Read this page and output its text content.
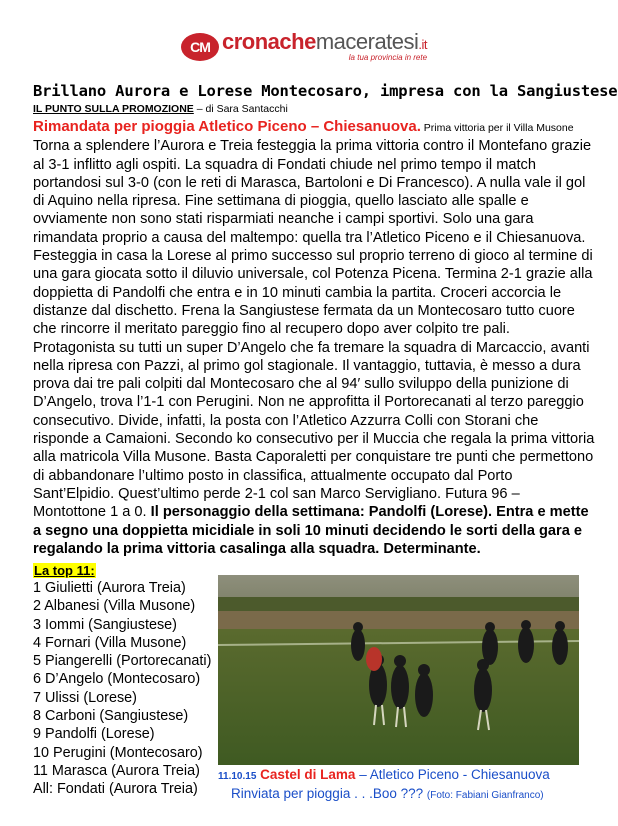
CM cronachemaceratesi.it
la tua provincia in rete
Brillano Aurora e Lorese Montecosaro, impresa con la Sangiustese
IL PUNTO SULLA PROMOZIONE – di Sara Santacchi
Rimandata per pioggia Atletico Piceno – Chiesanuova. Prima vittoria per il Villa Musone
Torna a splendere l’Aurora e Treia festeggia la prima vittoria contro il Montefano grazie
al 3-1 inflitto agli ospiti. La squadra di Fondati chiude nel primo tempo il match
portandosi sul 3-0 (con le reti di Marasca, Bartoloni e Di Francesco). A nulla vale il gol
di Aquino nella ripresa. Fine settimana di pioggia, quello lasciato alle spalle e
ovviamente non sono stati risparmiati neanche i campi sportivi. Solo una gara
rimandata proprio a causa del maltempo: quella tra l’Atletico Piceno e il Chiesanuova.
Festeggia in casa la Lorese al primo successo sul proprio terreno di gioco al termine di
una gara giocata sotto il diluvio universale, col Potenza Picena. Termina 2-1 grazie alla
doppietta di Pandolfi che entra e in 10 minuti cambia la partita. Croceri accorcia le
distanze dal dischetto. Frena la Sangiustese fermata da un Montecosaro tutto cuore
che rincorre il meritato pareggio fino al recupero dopo aver colpito tre pali.
Protagonista su tutti un super D’Angelo che fa tremare la squadra di Marcaccio, avanti
nella ripresa con Pazzi, al primo gol stagionale. Il vantaggio, tuttavia, è messo a dura
prova dai tre pali colpiti dal Montecosaro che al 94′ sullo sviluppo della punizione di
D’Angelo, trova l’1-1 con Perugini. Non ne approfitta il Portorecanati al terzo pareggio
consecutivo. Divide, infatti, la posta con l’Atletico Azzurra Colli con Storani che
risponde a Camaioni. Secondo ko consecutivo per il Muccia che regala la prima vittoria
alla matricola Villa Musone. Basta Caporaletti per conquistare tre punti che permettono
di abbandonare l’ultimo posto in classifica, attualmente occupato dal Porto
Sant’Elpidio. Quest’ultimo perde 2-1 col san Marco Servigliano. Futura 96 –
Montottone 1 a 0. Il personaggio della settimana: Pandolfi (Lorese). Entra e mette
a segno una doppietta micidiale in soli 10 minuti decidendo le sorti della gara e
regalando la prima vittoria casalinga alla squadra. Determinante.
La top 11:
1 Giulietti (Aurora Treia)
2 Albanesi (Villa Musone)
3 Iommi (Sangiustese)
4 Fornari (Villa Musone)
5 Piangerelli (Portorecanati)
6 D’Angelo (Montecosaro)
7 Ulissi (Lorese)
8 Carboni (Sangiustese)
9 Pandolfi (Lorese)
10 Perugini (Montecosaro)
11 Marasca (Aurora Treia)
All: Fondati (Aurora Treia)
11.10.15 Castel di Lama – Atletico Piceno - Chiesanuova
Rinviata per pioggia . . .Boo ??? (Foto: Fabiani Gianfranco)
